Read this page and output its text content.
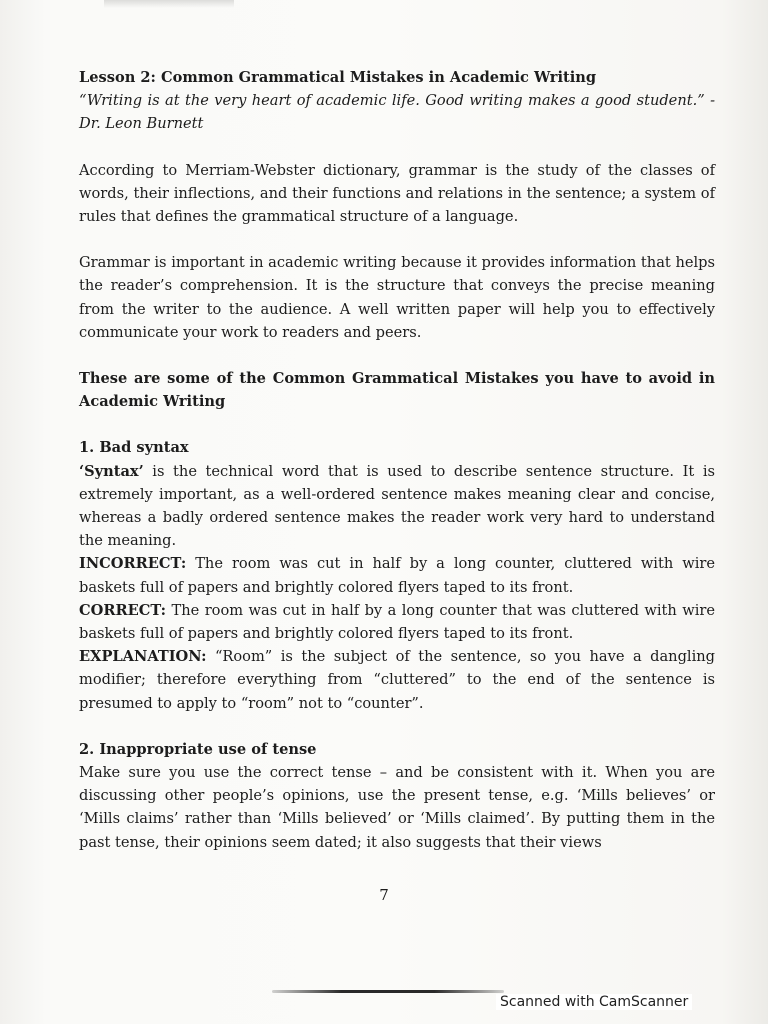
Lesson 2: Common Grammatical Mistakes in Academic Writing

“Writing is at the very heart of academic life. Good writing makes a good student.” - Dr. Leon Burnett

According to Merriam-Webster dictionary, grammar is the study of the classes of words, their inflections, and their functions and relations in the sentence; a system of rules that defines the grammatical structure of a language.

Grammar is important in academic writing because it provides information that helps the reader’s comprehension. It is the structure that conveys the precise meaning from the writer to the audience. A well written paper will help you to effectively communicate your work to readers and peers.

These are some of the Common Grammatical Mistakes you have to avoid in Academic Writing

1. Bad syntax

‘Syntax’ is the technical word that is used to describe sentence structure. It is extremely important, as a well-ordered sentence makes meaning clear and concise, whereas a badly ordered sentence makes the reader work very hard to understand the meaning.

INCORRECT: The room was cut in half by a long counter, cluttered with wire baskets full of papers and brightly colored flyers taped to its front.

CORRECT: The room was cut in half by a long counter that was cluttered with wire baskets full of papers and brightly colored flyers taped to its front.

EXPLANATION: “Room” is the subject of the sentence, so you have a dangling modifier; therefore everything from “cluttered” to the end of the sentence is presumed to apply to “room” not to “counter”.

2. Inappropriate use of tense

Make sure you use the correct tense – and be consistent with it. When you are discussing other people’s opinions, use the present tense, e.g. ‘Mills believes’ or ‘Mills claims’ rather than ‘Mills believed’ or ‘Mills claimed’. By putting them in the past tense, their opinions seem dated; it also suggests that their views

7
Scanned with CamScanner
